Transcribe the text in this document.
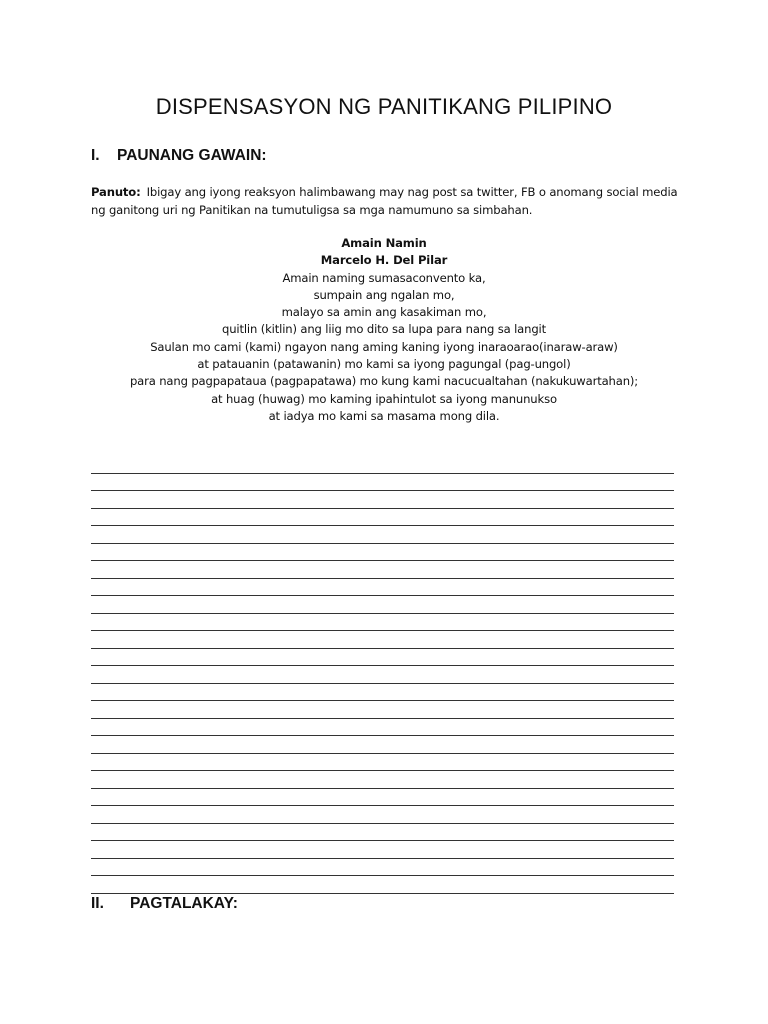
DISPENSASYON NG PANITIKANG PILIPINO
I. PAUNANG GAWAIN:
Panuto: Ibigay ang iyong reaksyon halimbawang may nag post sa twitter, FB o anomang social media ng ganitong uri ng Panitikan na tumutuligsa sa mga namumuno sa simbahan.
Amain Namin
Marcelo H. Del Pilar
Amain naming sumasaconvento ka,
sumpain ang ngalan mo,
malayo sa amin ang kasakiman mo,
quitlin (kitlin) ang liig mo dito sa lupa para nang sa langit
Saulan mo cami (kami) ngayon nang aming kaning iyong inaraoarao(inaraw-araw)
at patauanin (patawanin) mo kami sa iyong pagungal (pag-ungol)
para nang pagpapataua (pagpapatawa) mo kung kami nacucualtahan (nakukuwartahan);
at huag (huwag) mo kaming ipahintulot sa iyong manunukso
at iadya mo kami sa masama mong dila.
II. PAGTALAKAY:
